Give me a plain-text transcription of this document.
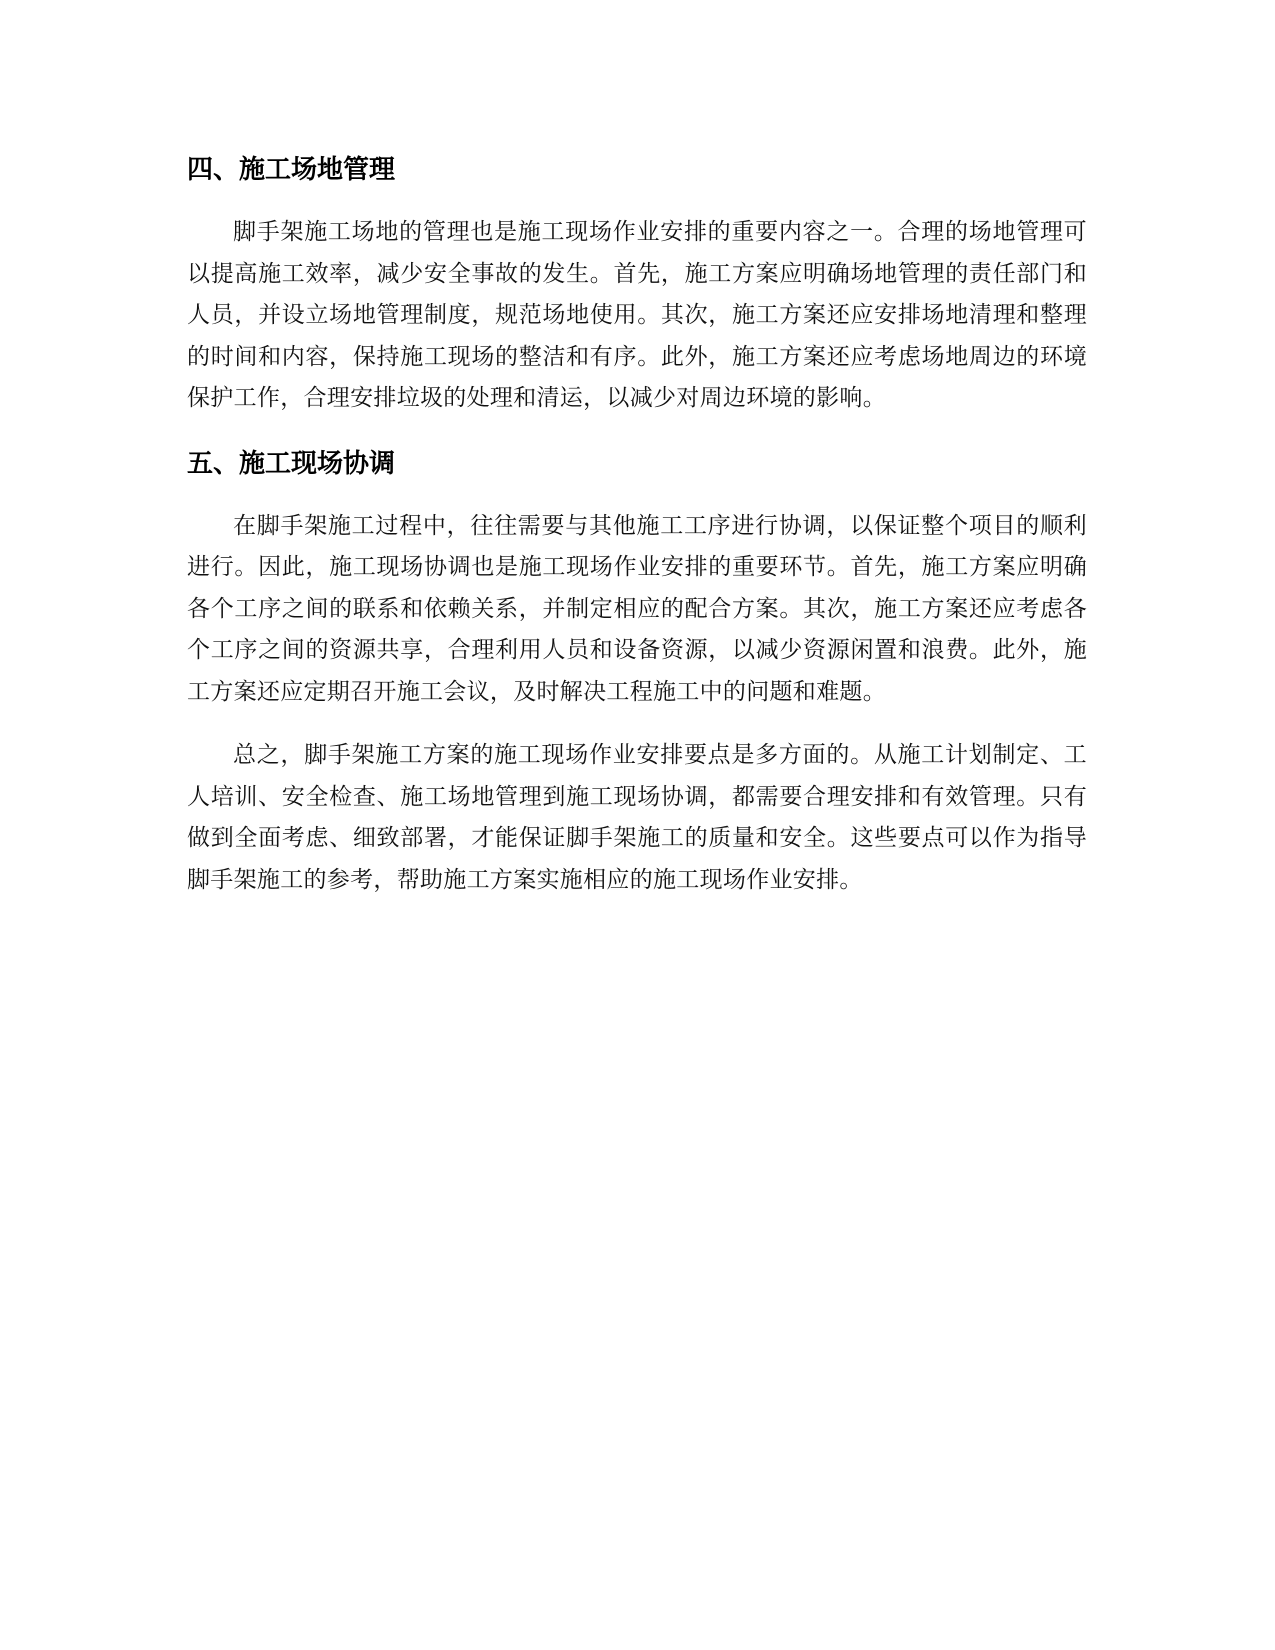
四、施工场地管理

脚手架施工场地的管理也是施工现场作业安排的重要内容之一。合理的场地管理可以提高施工效率，减少安全事故的发生。首先，施工方案应明确场地管理的责任部门和人员，并设立场地管理制度，规范场地使用。其次，施工方案还应安排场地清理和整理的时间和内容，保持施工现场的整洁和有序。此外，施工方案还应考虑场地周边的环境保护工作，合理安排垃圾的处理和清运，以减少对周边环境的影响。

五、施工现场协调

在脚手架施工过程中，往往需要与其他施工工序进行协调，以保证整个项目的顺利进行。因此，施工现场协调也是施工现场作业安排的重要环节。首先，施工方案应明确各个工序之间的联系和依赖关系，并制定相应的配合方案。其次，施工方案还应考虑各个工序之间的资源共享，合理利用人员和设备资源，以减少资源闲置和浪费。此外，施工方案还应定期召开施工会议，及时解决工程施工中的问题和难题。

总之，脚手架施工方案的施工现场作业安排要点是多方面的。从施工计划制定、工人培训、安全检查、施工场地管理到施工现场协调，都需要合理安排和有效管理。只有做到全面考虑、细致部署，才能保证脚手架施工的质量和安全。这些要点可以作为指导脚手架施工的参考，帮助施工方案实施相应的施工现场作业安排。
